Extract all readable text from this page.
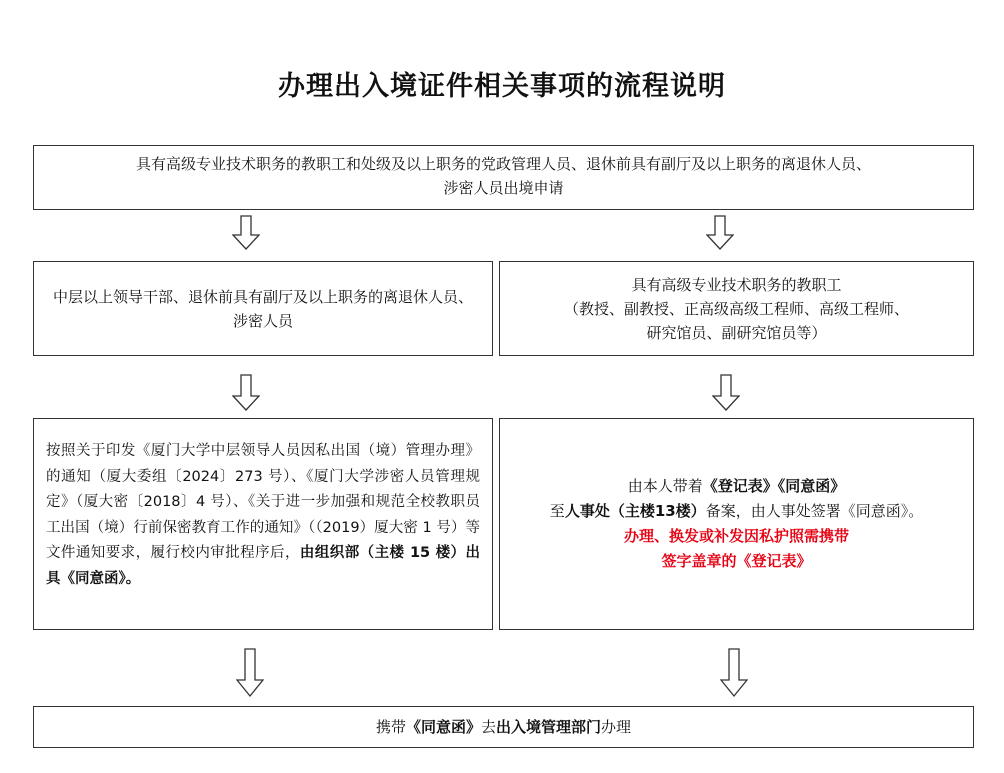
办理出入境证件相关事项的流程说明
具有高级专业技术职务的教职工和处级及以上职务的党政管理人员、退休前具有副厅及以上职务的离退休人员、
涉密人员出境申请
中层以上领导干部、退休前具有副厅及以上职务的离退休人员、涉密人员
具有高级专业技术职务的教职工
（教授、副教授、正高级高级工程师、高级工程师、
研究馆员、副研究馆员等）
按照关于印发《厦门大学中层领导人员因私出国（境）管理办理》的通知（厦大委组〔2024〕273 号）、《厦门大学涉密人员管理规定》（厦大密〔2018〕4 号）、《关于进一步加强和规范全校教职员工出国（境）行前保密教育工作的通知》（（2019）厦大密 1 号）等文件通知要求，履行校内审批程序后，由组织部（主楼 15 楼）出具《同意函》。
由本人带着《登记表》《同意函》
至人事处（主楼13楼）备案，由人事处签署《同意函》。
办理、换发或补发因私护照需携带
签字盖章的《登记表》
携带《同意函》去出入境管理部门办理
